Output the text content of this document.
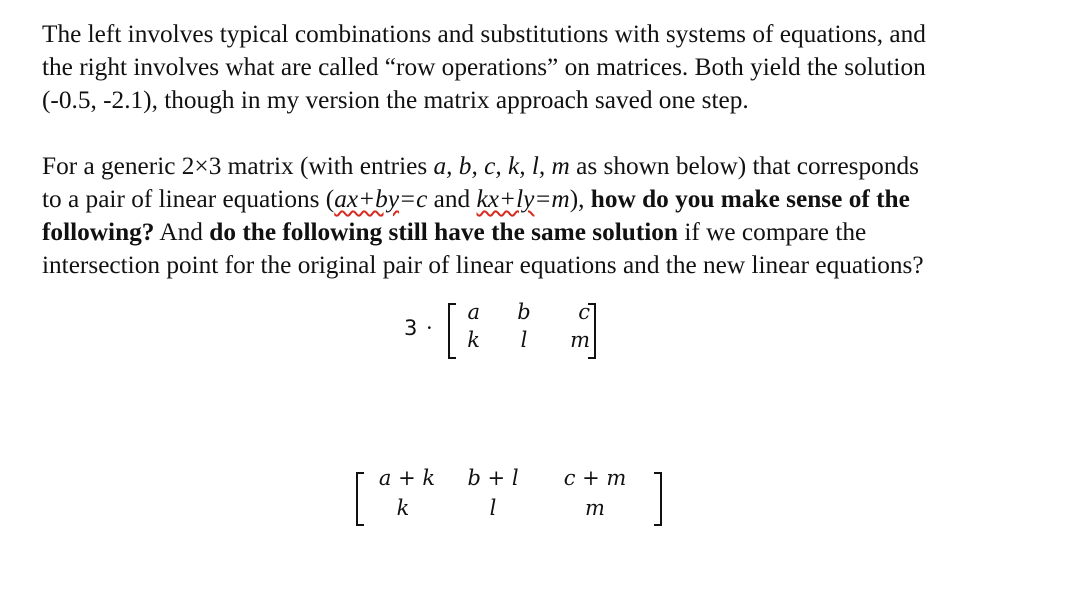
The left involves typical combinations and substitutions with systems of equations, and
the right involves what are called “row operations” on matrices. Both yield the solution
(-0.5, -2.1), though in my version the matrix approach saved one step.
For a generic 2×3 matrix (with entries a, b, c, k, l, m as shown below) that corresponds
to a pair of linear equations (ax+by=c and kx+ly=m), how do you make sense of the
following? And do the following still have the same solution if we compare the
intersection point for the original pair of linear equations and the new linear equations?
3 ·
a	b	c
k	l	m
a + k	b + l	c + m
k	l	m
